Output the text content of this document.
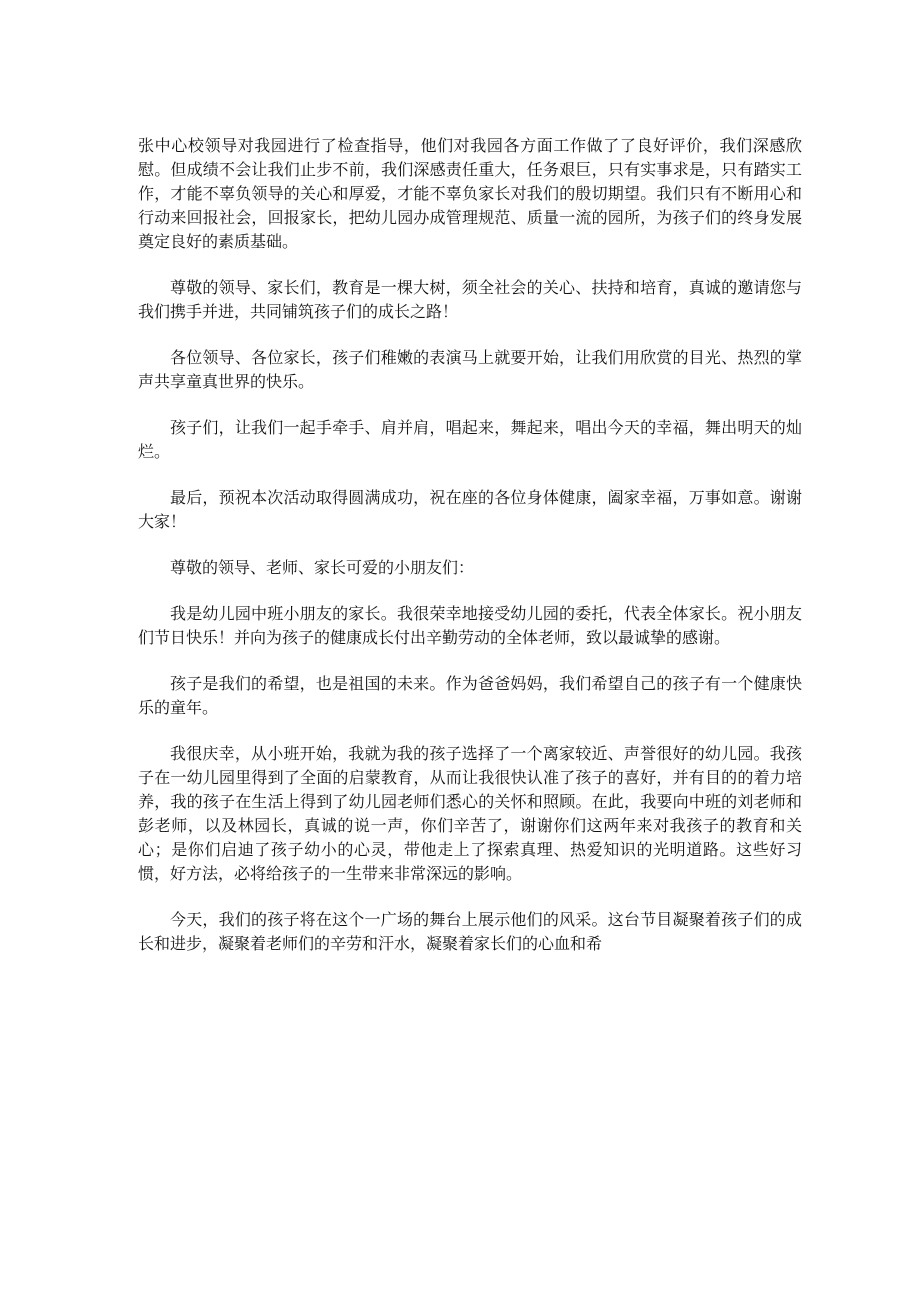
张中心校领导对我园进行了检查指导，他们对我园各方面工作做了了良好评价，我们深感欣慰。但成绩不会让我们止步不前，我们深感责任重大，任务艰巨，只有实事求是，只有踏实工作，才能不辜负领导的关心和厚爱，才能不辜负家长对我们的殷切期望。我们只有不断用心和行动来回报社会，回报家长，把幼儿园办成管理规范、质量一流的园所，为孩子们的终身发展奠定良好的素质基础。

尊敬的领导、家长们，教育是一棵大树，须全社会的关心、扶持和培育，真诚的邀请您与我们携手并进，共同铺筑孩子们的成长之路！

各位领导、各位家长，孩子们稚嫩的表演马上就要开始，让我们用欣赏的目光、热烈的掌声共享童真世界的快乐。

孩子们，让我们一起手牵手、肩并肩，唱起来，舞起来，唱出今天的幸福，舞出明天的灿烂。

最后，预祝本次活动取得圆满成功，祝在座的各位身体健康，阖家幸福，万事如意。谢谢大家！

尊敬的领导、老师、家长可爱的小朋友们：

我是幼儿园中班小朋友的家长。我很荣幸地接受幼儿园的委托，代表全体家长。祝小朋友们节日快乐！并向为孩子的健康成长付出辛勤劳动的全体老师，致以最诚挚的感谢。

孩子是我们的希望，也是祖国的未来。作为爸爸妈妈，我们希望自己的孩子有一个健康快乐的童年。

我很庆幸，从小班开始，我就为我的孩子选择了一个离家较近、声誉很好的幼儿园。我孩子在一幼儿园里得到了全面的启蒙教育，从而让我很快认准了孩子的喜好，并有目的的着力培养，我的孩子在生活上得到了幼儿园老师们悉心的关怀和照顾。在此，我要向中班的刘老师和彭老师，以及林园长，真诚的说一声，你们辛苦了，谢谢你们这两年来对我孩子的教育和关心；是你们启迪了孩子幼小的心灵，带他走上了探索真理、热爱知识的光明道路。这些好习惯，好方法，必将给孩子的一生带来非常深远的影响。

今天，我们的孩子将在这个一广场的舞台上展示他们的风采。这台节目凝聚着孩子们的成长和进步，凝聚着老师们的辛劳和汗水，凝聚着家长们的心血和希
